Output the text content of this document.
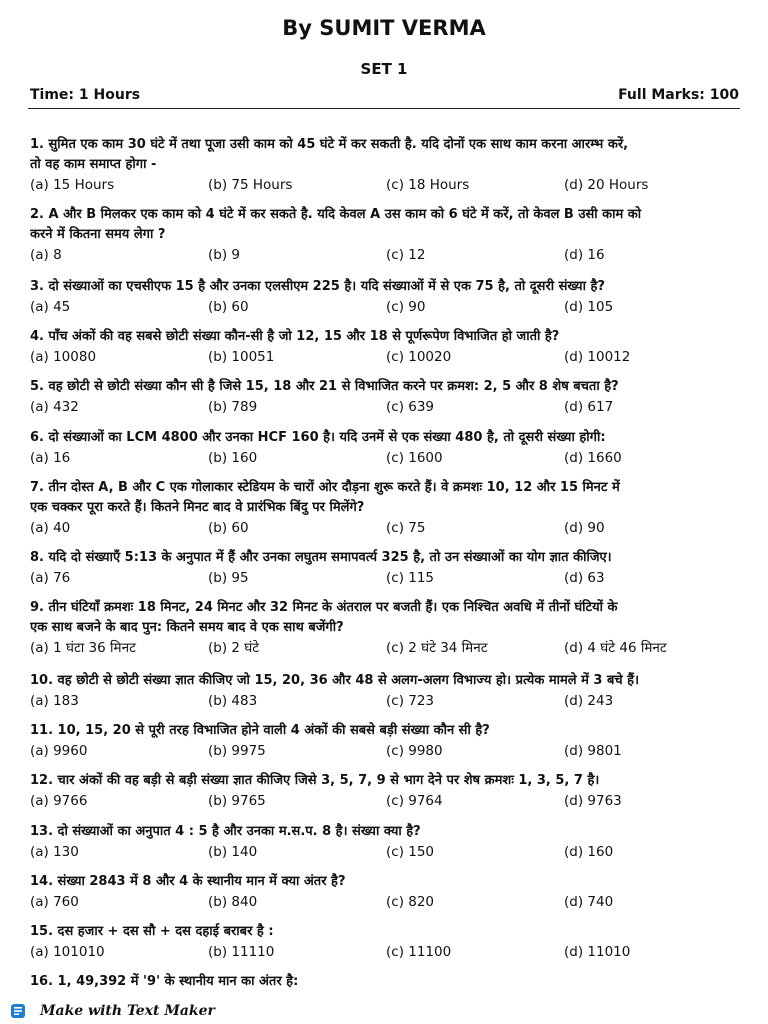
By SUMIT VERMA
SET 1
Time: 1 Hours	Full Marks: 100
1. सुमित एक काम 30 घंटे में तथा पूजा उसी काम को 45 घंटे में कर सकती है. यदि दोनों एक साथ काम करना आरम्भ करें,
तो वह काम समाप्त होगा -
(a) 15 Hours	(b) 75 Hours	(c) 18 Hours	(d) 20 Hours
2. A और B मिलकर एक काम को 4 घंटे में कर सकते है. यदि केवल A उस काम को 6 घंटे में करें, तो केवल B उसी काम को
करने में कितना समय लेगा ?
(a) 8	(b) 9	(c) 12	(d) 16
3. दो संख्याओं का एचसीएफ 15 है और उनका एलसीएम 225 है। यदि संख्याओं में से एक 75 है, तो दूसरी संख्या है?
(a) 45	(b) 60	(c) 90	(d) 105
4. पाँच अंकों की वह सबसे छोटी संख्या कौन-सी है जो 12, 15 और 18 से पूर्णरूपेण विभाजित हो जाती है?
(a) 10080	(b) 10051	(c) 10020	(d) 10012
5. वह छोटी से छोटी संख्या कौन सी है जिसे 15, 18 और 21 से विभाजित करने पर क्रमश: 2, 5 और 8 शेष बचता है?
(a) 432	(b) 789	(c) 639	(d) 617
6. दो संख्याओं का LCM 4800 और उनका HCF 160 है। यदि उनमें से एक संख्या 480 है, तो दूसरी संख्या होगी:
(a) 16	(b) 160	(c) 1600	(d) 1660
7. तीन दोस्त A, B और C एक गोलाकार स्टेडियम के चारों ओर दौड़ना शुरू करते हैं। वे क्रमशः 10, 12 और 15 मिनट में
एक चक्कर पूरा करते हैं। कितने मिनट बाद वे प्रारंभिक बिंदु पर मिलेंगे?
(a) 40	(b) 60	(c) 75	(d) 90
8. यदि दो संख्याएँ 5:13 के अनुपात में हैं और उनका लघुतम समापवर्त्य 325 है, तो उन संख्याओं का योग ज्ञात कीजिए।
(a) 76	(b) 95	(c) 115	(d) 63
9. तीन घंटियाँ क्रमशः 18 मिनट, 24 मिनट और 32 मिनट के अंतराल पर बजती हैं। एक निश्चित अवधि में तीनों घंटियों के
एक साथ बजने के बाद पुन: कितने समय बाद वे एक साथ बजेंगी?
(a) 1 घंटा 36 मिनट	(b) 2 घंटे	(c) 2 घंटे 34 मिनट	(d) 4 घंटे 46 मिनट
10. वह छोटी से छोटी संख्या ज्ञात कीजिए जो 15, 20, 36 और 48 से अलग-अलग विभाज्य हो। प्रत्येक मामले में 3 बचे हैं।
(a) 183	(b) 483	(c) 723	(d) 243
11. 10, 15, 20 से पूरी तरह विभाजित होने वाली 4 अंकों की सबसे बड़ी संख्या कौन सी है?
(a) 9960	(b) 9975	(c) 9980	(d) 9801
12. चार अंकों की वह बड़ी से बड़ी संख्या ज्ञात कीजिए जिसे 3, 5, 7, 9 से भाग देने पर शेष क्रमशः 1, 3, 5, 7 है।
(a) 9766	(b) 9765	(c) 9764	(d) 9763
13. दो संख्याओं का अनुपात 4 : 5 है और उनका म.स.प. 8 है। संख्या क्या है?
(a) 130	(b) 140	(c) 150	(d) 160
14. संख्या 2843 में 8 और 4 के स्थानीय मान में क्या अंतर है?
(a) 760	(b) 840	(c) 820	(d) 740
15. दस हजार + दस सौ + दस दहाई बराबर है :
(a) 101010	(b) 11110	(c) 11100	(d) 11010
16. 1, 49,392 में '9' के स्थानीय मान का अंतर है:
Make with Text Maker
